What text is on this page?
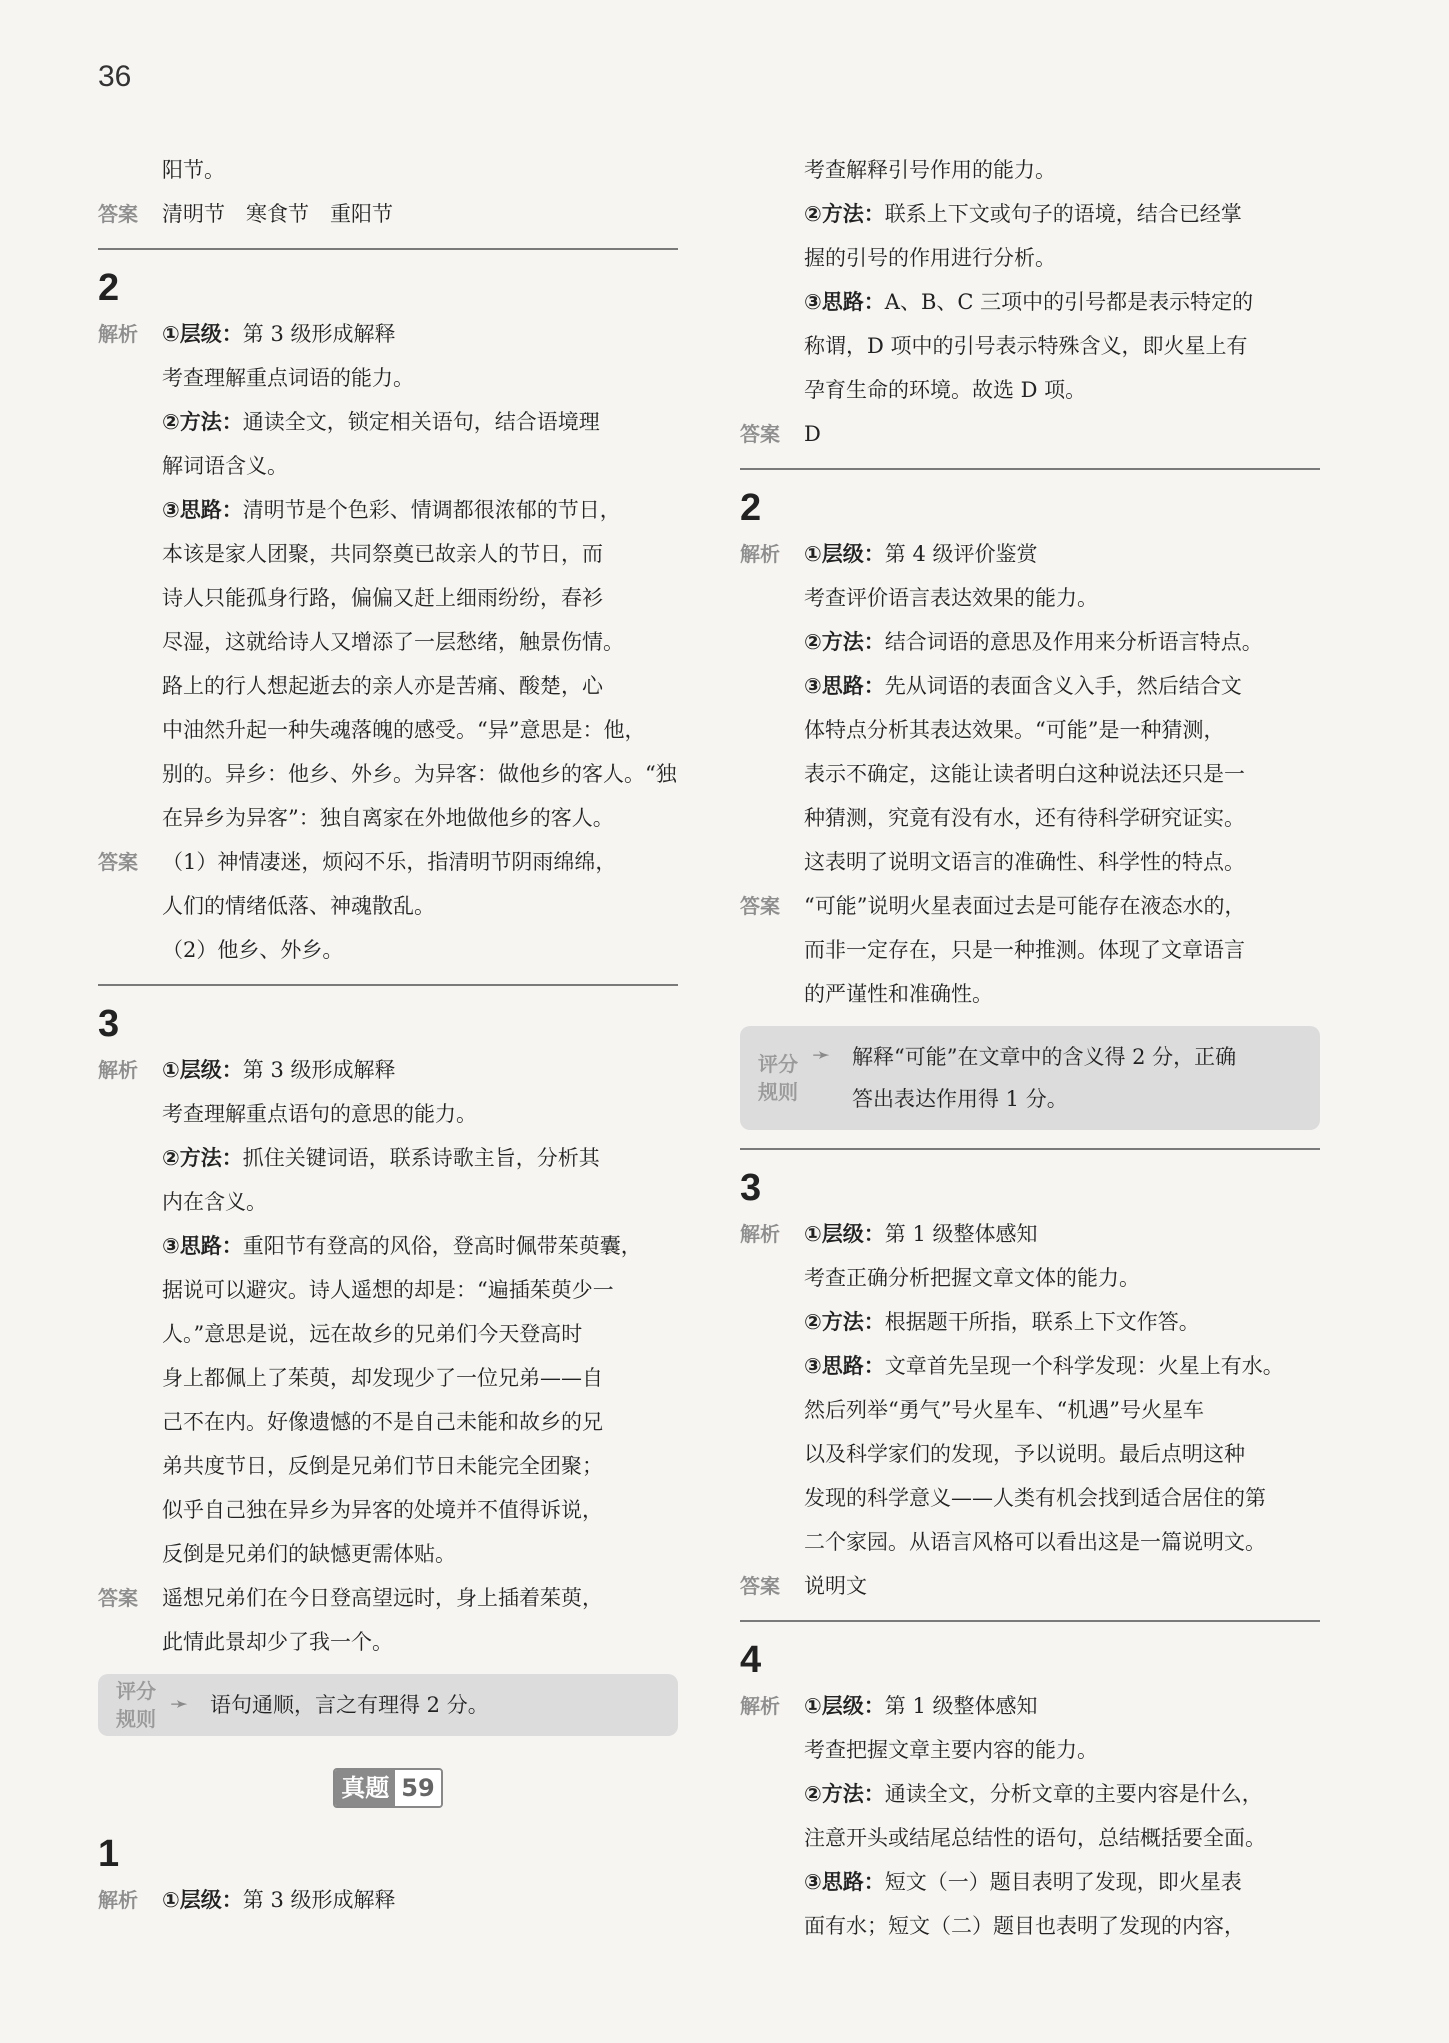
36
阳节。
答案 清明节　寒食节　重阳节
2
解析 ①层级：第 3 级形成解释
考查理解重点词语的能力。
②方法：通读全文，锁定相关语句，结合语境理
解词语含义。
③思路：清明节是个色彩、情调都很浓郁的节日，
本该是家人团聚，共同祭奠已故亲人的节日，而
诗人只能孤身行路，偏偏又赶上细雨纷纷，春衫
尽湿，这就给诗人又增添了一层愁绪，触景伤情。
路上的行人想起逝去的亲人亦是苦痛、酸楚，心
中油然升起一种失魂落魄的感受。“异”意思是：他，
别的。异乡：他乡、外乡。为异客：做他乡的客人。“独
在异乡为异客”：独自离家在外地做他乡的客人。
答案 （1）神情凄迷，烦闷不乐，指清明节阴雨绵绵，
人们的情绪低落、神魂散乱。
（2）他乡、外乡。
3
解析 ①层级：第 3 级形成解释
考查理解重点语句的意思的能力。
②方法：抓住关键词语，联系诗歌主旨，分析其
内在含义。
③思路：重阳节有登高的风俗，登高时佩带茱萸囊，
据说可以避灾。诗人遥想的却是：“遍插茱萸少一
人。”意思是说，远在故乡的兄弟们今天登高时
身上都佩上了茱萸，却发现少了一位兄弟——自
己不在内。好像遗憾的不是自己未能和故乡的兄
弟共度节日，反倒是兄弟们节日未能完全团聚；
似乎自己独在异乡为异客的处境并不值得诉说，
反倒是兄弟们的缺憾更需体贴。
答案 遥想兄弟们在今日登高望远时，身上插着茱萸，
此情此景却少了我一个。
评分
规则
➛ 语句通顺，言之有理得 2 分。
真题 59
1
解析 ①层级：第 3 级形成解释
考查解释引号作用的能力。
②方法：联系上下文或句子的语境，结合已经掌
握的引号的作用进行分析。
③思路：A、B、C 三项中的引号都是表示特定的
称谓，D 项中的引号表示特殊含义，即火星上有
孕育生命的环境。故选 D 项。
答案 D
2
解析 ①层级：第 4 级评价鉴赏
考查评价语言表达效果的能力。
②方法：结合词语的意思及作用来分析语言特点。
③思路：先从词语的表面含义入手，然后结合文
体特点分析其表达效果。“可能”是一种猜测，
表示不确定，这能让读者明白这种说法还只是一
种猜测，究竟有没有水，还有待科学研究证实。
这表明了说明文语言的准确性、科学性的特点。
答案 “可能”说明火星表面过去是可能存在液态水的，
而非一定存在，只是一种推测。体现了文章语言
的严谨性和准确性。
评分
规则
➛ 解释“可能”在文章中的含义得 2 分，正确
答出表达作用得 1 分。
3
解析 ①层级：第 1 级整体感知
考查正确分析把握文章文体的能力。
②方法：根据题干所指，联系上下文作答。
③思路：文章首先呈现一个科学发现：火星上有水。
然后列举“勇气”号火星车、“机遇”号火星车
以及科学家们的发现，予以说明。最后点明这种
发现的科学意义——人类有机会找到适合居住的第
二个家园。从语言风格可以看出这是一篇说明文。
答案 说明文
4
解析 ①层级：第 1 级整体感知
考查把握文章主要内容的能力。
②方法：通读全文，分析文章的主要内容是什么，
注意开头或结尾总结性的语句，总结概括要全面。
③思路：短文（一）题目表明了发现，即火星表
面有水；短文（二）题目也表明了发现的内容，
